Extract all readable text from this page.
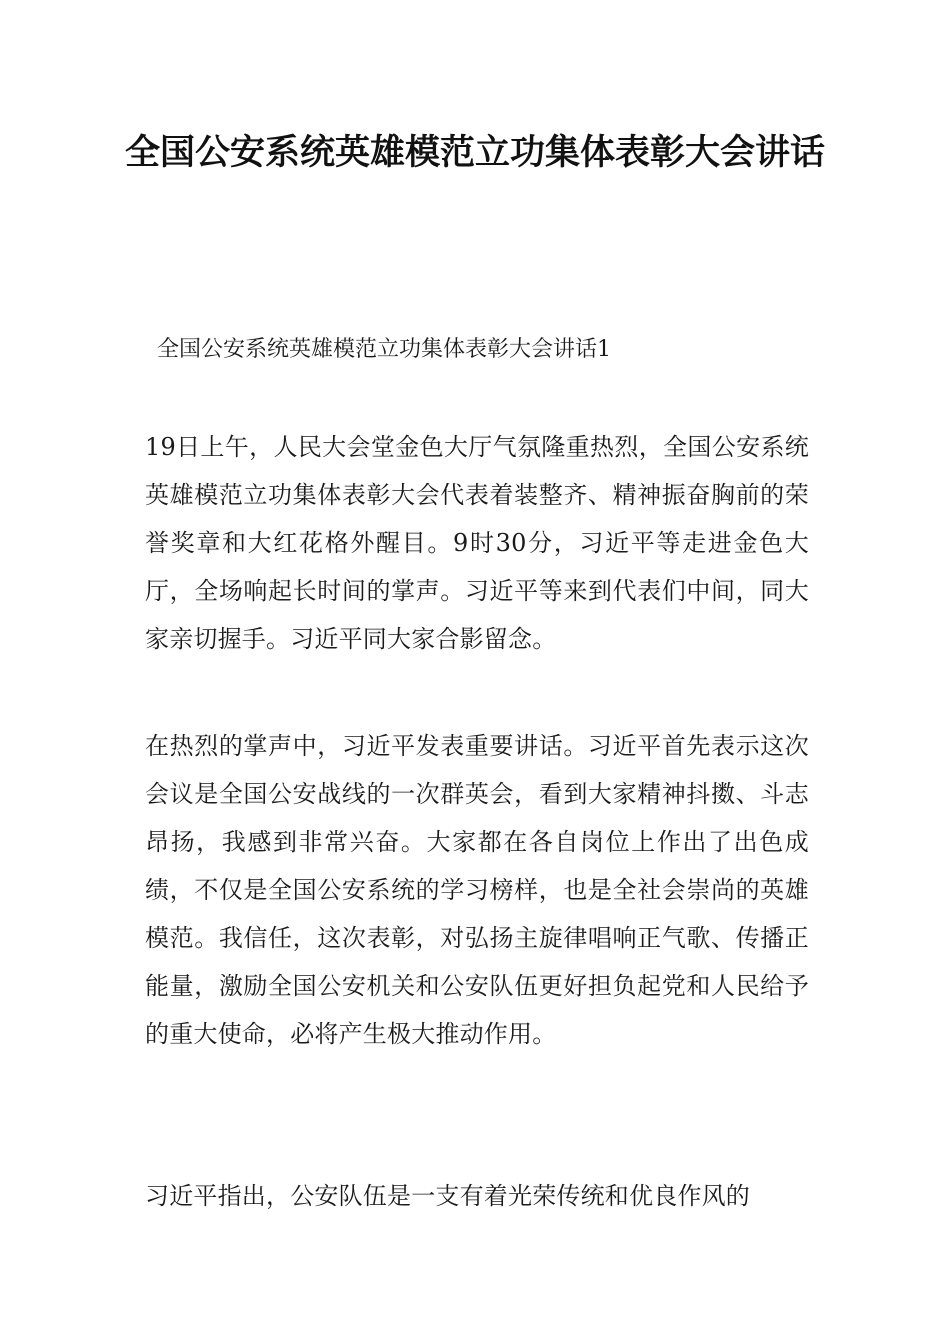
全国公安系统英雄模范立功集体表彰大会讲话

全国公安系统英雄模范立功集体表彰大会讲话1

19日上午，人民大会堂金色大厅气氛隆重热烈，全国公安系统英雄模范立功集体表彰大会代表着装整齐、精神振奋胸前的荣誉奖章和大红花格外醒目。9时30分，习近平等走进金色大厅，全场响起长时间的掌声。习近平等来到代表们中间，同大家亲切握手。习近平同大家合影留念。

在热烈的掌声中，习近平发表重要讲话。习近平首先表示这次会议是全国公安战线的一次群英会，看到大家精神抖擞、斗志昂扬，我感到非常兴奋。大家都在各自岗位上作出了出色成绩，不仅是全国公安系统的学习榜样，也是全社会崇尚的英雄模范。我信任，这次表彰，对弘扬主旋律唱响正气歌、传播正能量，激励全国公安机关和公安队伍更好担负起党和人民给予的重大使命，必将产生极大推动作用。

习近平指出，公安队伍是一支有着光荣传统和优良作风的
